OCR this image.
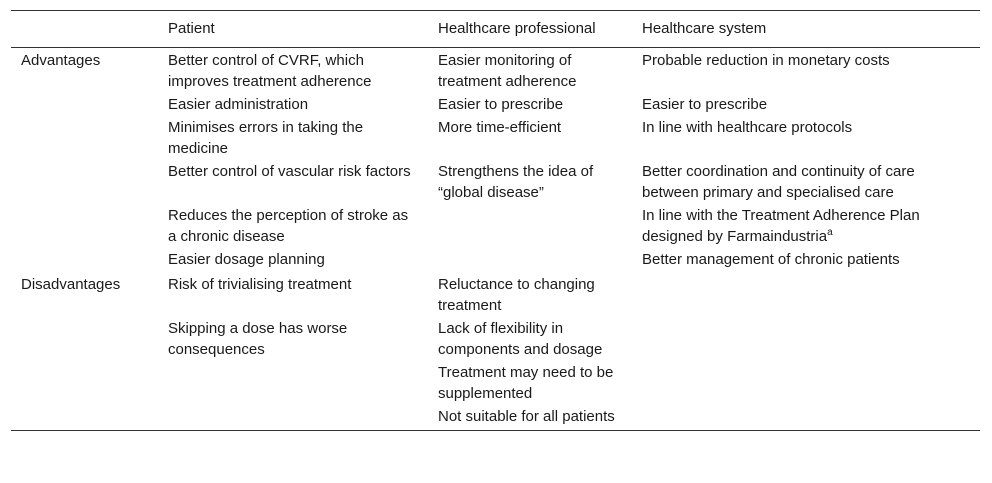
	Patient	Healthcare professional	Healthcare system
Advantages	Better control of CVRF, which improves treatment adherence	Easier monitoring of treatment adherence	Probable reduction in monetary costs
	Easier administration	Easier to prescribe	Easier to prescribe
	Minimises errors in taking the medicine	More time-efficient	In line with healthcare protocols
	Better control of vascular risk factors	Strengthens the idea of “global disease”	Better coordination and continuity of care between primary and specialised care
	Reduces the perception of stroke as a chronic disease		In line with the Treatment Adherence Plan designed by Farmaindustria$^a$
	Easier dosage planning		Better management of chronic patients
Disadvantages	Risk of trivialising treatment	Reluctance to changing treatment	
	Skipping a dose has worse consequences	Lack of flexibility in components and dosage	
		Treatment may need to be supplemented	
		Not suitable for all patients	
